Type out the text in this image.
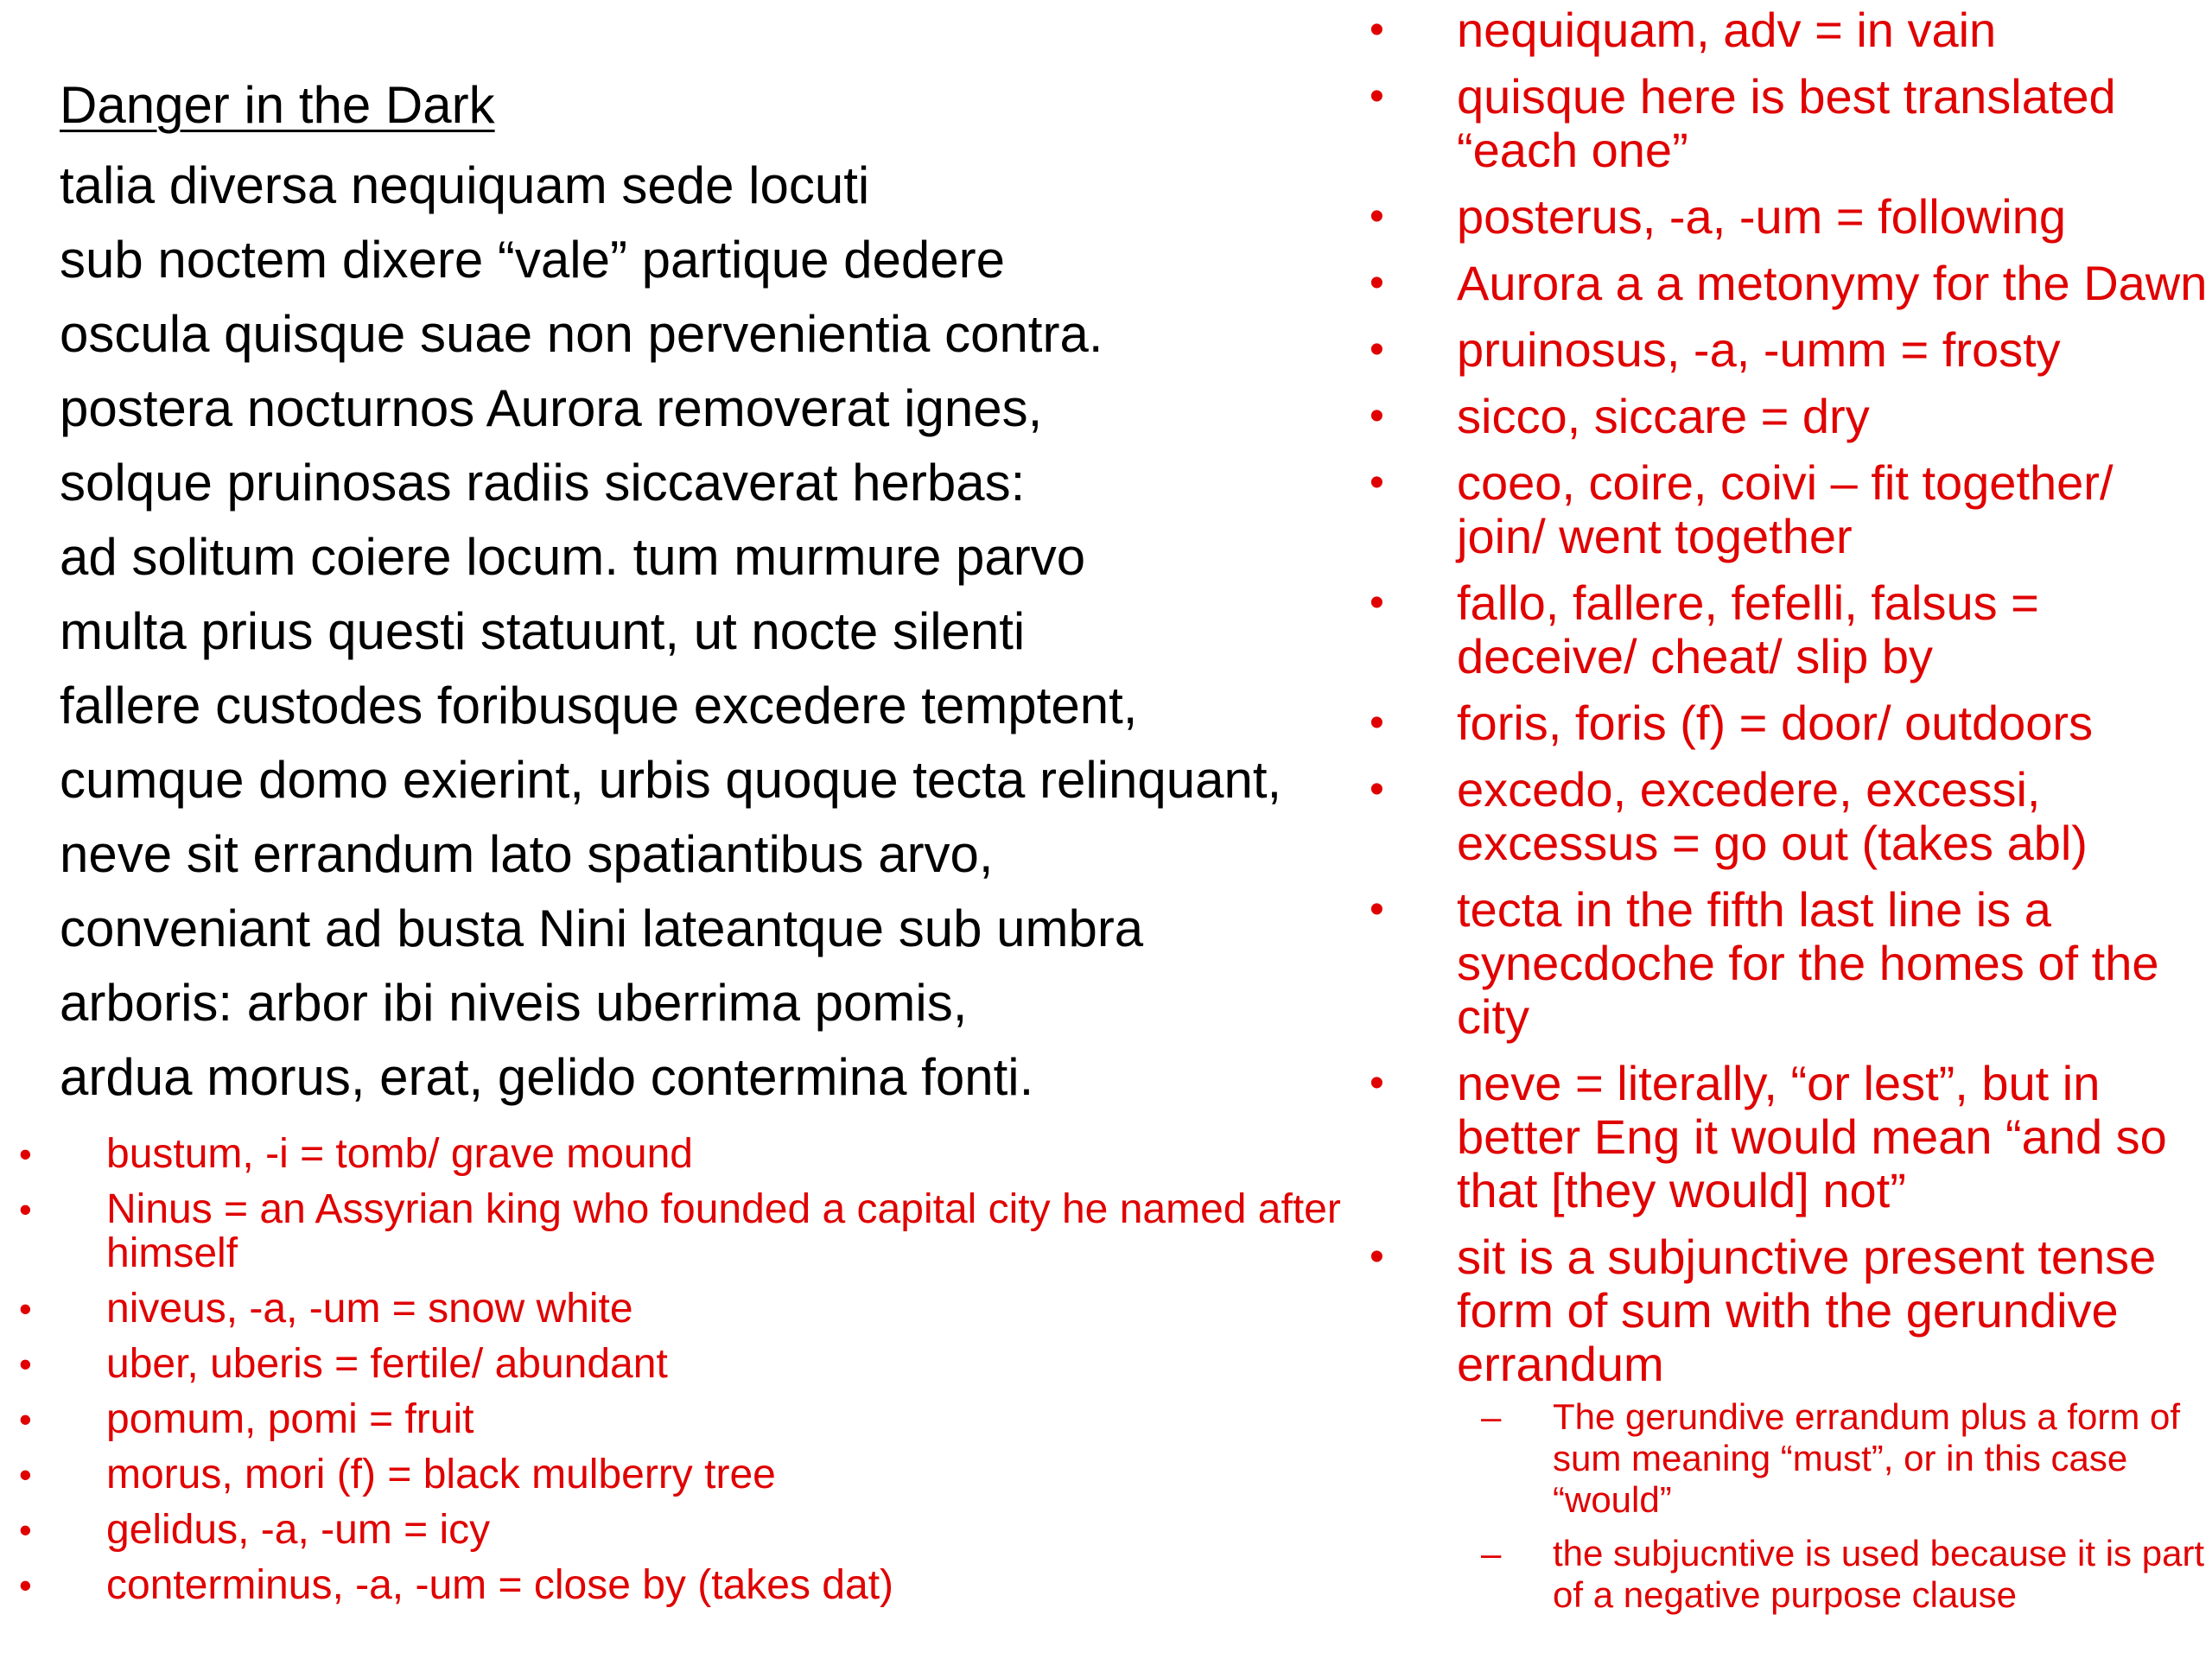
Danger in the Dark
talia diversa nequiquam sede locuti
sub noctem dixere “vale” partique dedere
oscula quisque suae non pervenientia contra.
postera nocturnos Aurora removerat ignes,
solque pruinosas radiis siccaverat herbas:
ad solitum coiere locum. tum murmure parvo
multa prius questi statuunt, ut nocte silenti
fallere custodes foribusque excedere temptent,
cumque domo exierint, urbis quoque tecta relinquant,
neve sit errandum lato spatiantibus arvo,
conveniant ad busta Nini lateantque sub umbra
arboris: arbor ibi niveis uberrima pomis,
ardua morus, erat, gelido contermina fonti.
• bustum, -i = tomb/ grave mound
• Ninus = an Assyrian king who founded a capital city he named after himself
• niveus, -a, -um = snow white
• uber, uberis = fertile/ abundant
• pomum, pomi = fruit
• morus, mori (f) = black mulberry tree
• gelidus, -a, -um = icy
• conterminus, -a, -um = close by (takes dat)
• nequiquam, adv = in vain
• quisque here is best translated “each one”
• posterus, -a, -um = following
• Aurora a a metonymy for the Dawn
• pruinosus, -a, -umm = frosty
• sicco, siccare = dry
• coeo, coire, coivi – fit together/ join/ went together
• fallo, fallere, fefelli, falsus = deceive/ cheat/ slip by
• foris, foris (f) = door/ outdoors
• excedo, excedere, excessi, excessus = go out (takes abl)
• tecta in the fifth last line is a synecdoche for the homes of the city
• neve = literally, “or lest”, but in better Eng it would mean “and so that [they would] not”
• sit is a subjunctive present tense form of sum with the gerundive errandum
– The gerundive errandum plus a form of sum meaning “must”, or in this case “would”
– the subjucntive is used because it is part of a negative purpose clause
